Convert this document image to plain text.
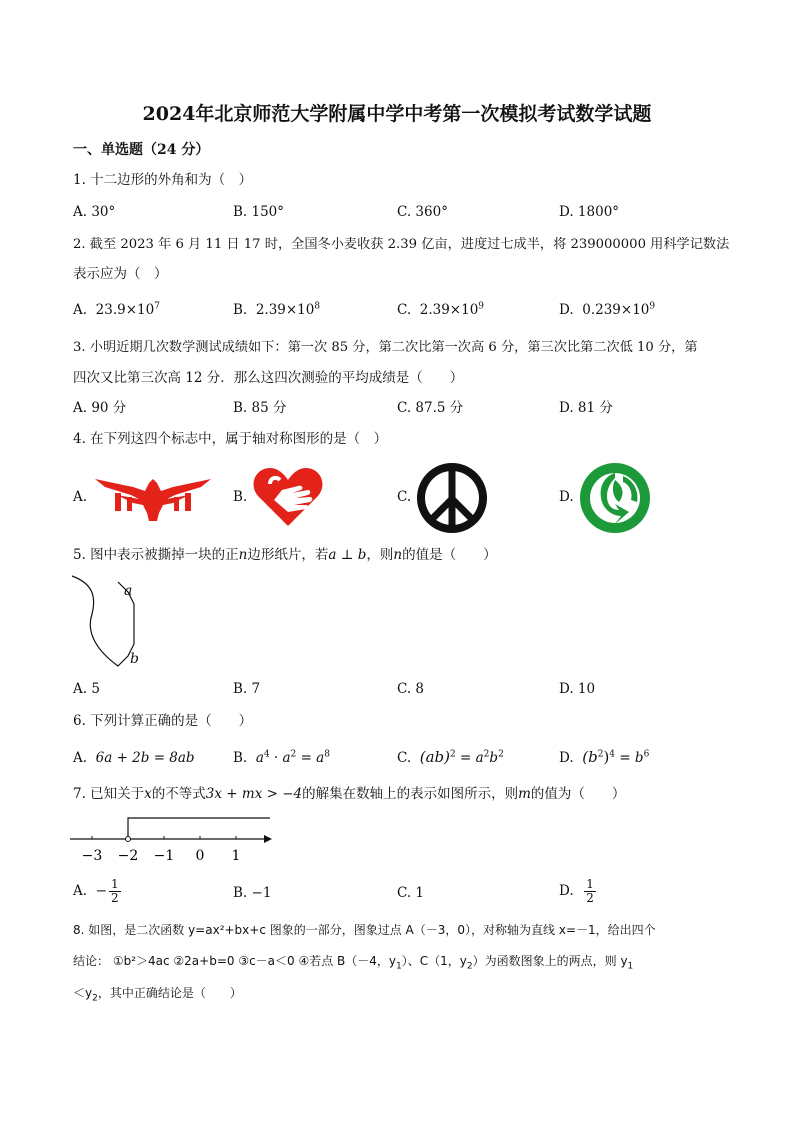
2024年北京师范大学附属中学中考第一次模拟考试数学试题
一、单选题（24 分）
1. 十二边形的外角和为（　）
A. 30°	B. 150°	C. 360°	D. 1800°
2. 截至 2023 年 6 月 11 日 17 时，全国冬小麦收获 2.39 亿亩，进度过七成半，将 239000000 用科学记数法
表示应为（　）
A. $23.9\times 10^7$	B. $2.39\times 10^8$	C. $2.39\times 10^9$	D. $0.239\times 10^9$
3. 小明近期几次数学测试成绩如下：第一次 85 分，第二次比第一次高 6 分，第三次比第二次低 10 分，第
四次又比第三次高 12 分．那么这四次测验的平均成绩是（　　）
A. 90 分	B. 85 分	C. 87.5 分	D. 81 分
4. 在下列这四个标志中，属于轴对称图形的是（　）
A.	B.	C.	D.
5. 图中表示被撕掉一块的正n边形纸片，若a ⊥ b，则n的值是（　　）
a
b
A. 5	B. 7	C. 8	D. 10
6. 下列计算正确的是（　　）
A. 6a + 2b = 8ab	B. $a^4 \cdot a^2 = a^8$	C. $(ab)^2 = a^2b^2$	D. $(b^2)^4 = b^6$
7. 已知关于x的不等式3x + mx > −4的解集在数轴上的表示如图所示，则m的值为（　　）
−3 −2 −1 0 1
A. − $\frac{1}{2}$	B. −1	C. 1	D. $\frac{1}{2}$
8. 如图，是二次函数 y=ax²+bx+c 图象的一部分，图象过点 A（－3，0），对称轴为直线 x=－1，给出四个
结论： ①b²＞4ac ②2a+b=0 ③c－a＜0 ④若点 B（－4，$y_1$）、C（1，$y_2$）为函数图象上的两点，则 $y_1$
$<y_2$，其中正确结论是（　　）
